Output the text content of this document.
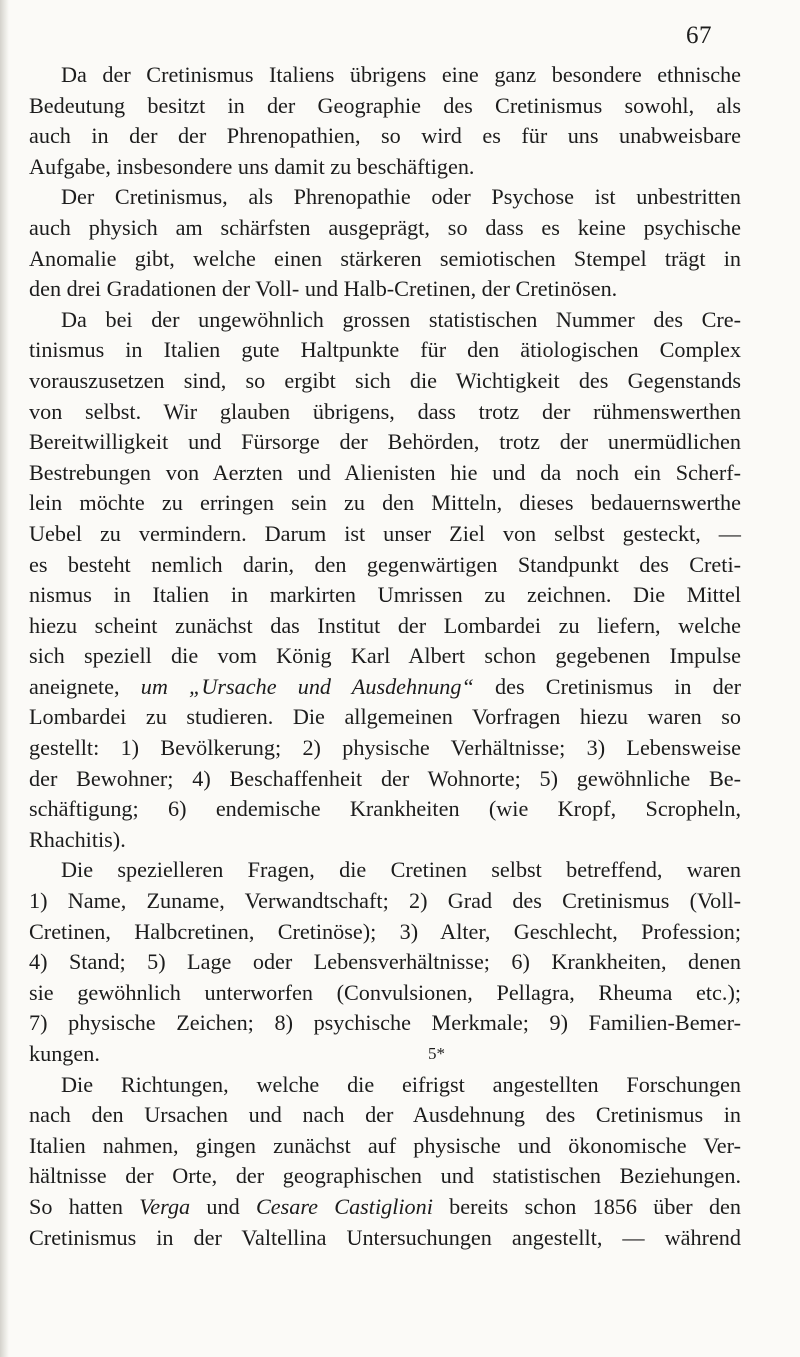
67
Da der Cretinismus Italiens übrigens eine ganz besondere ethnische
Bedeutung besitzt in der Geographie des Cretinismus sowohl, als
auch in der der Phrenopathien, so wird es für uns unabweisbare
Aufgabe, insbesondere uns damit zu beschäftigen.
Der Cretinismus, als Phrenopathie oder Psychose ist unbestritten
auch physich am schärfsten ausgeprägt, so dass es keine psychische
Anomalie gibt, welche einen stärkeren semiotischen Stempel trägt in
den drei Gradationen der Voll- und Halb-Cretinen, der Cretinösen.
Da bei der ungewöhnlich grossen statistischen Nummer des Cre-
tinismus in Italien gute Haltpunkte für den ätiologischen Complex
vorauszusetzen sind, so ergibt sich die Wichtigkeit des Gegenstands
von selbst. Wir glauben übrigens, dass trotz der rühmenswerthen
Bereitwilligkeit und Fürsorge der Behörden, trotz der unermüdlichen
Bestrebungen von Aerzten und Alienisten hie und da noch ein Scherf-
lein möchte zu erringen sein zu den Mitteln, dieses bedauernswerthe
Uebel zu vermindern. Darum ist unser Ziel von selbst gesteckt, —
es besteht nemlich darin, den gegenwärtigen Standpunkt des Creti-
nismus in Italien in markirten Umrissen zu zeichnen. Die Mittel
hiezu scheint zunächst das Institut der Lombardei zu liefern, welche
sich speziell die vom König Karl Albert schon gegebenen Impulse
aneignete, um „Ursache und Ausdehnung“ des Cretinismus in der
Lombardei zu studieren. Die allgemeinen Vorfragen hiezu waren so
gestellt: 1) Bevölkerung; 2) physische Verhältnisse; 3) Lebensweise
der Bewohner; 4) Beschaffenheit der Wohnorte; 5) gewöhnliche Be-
schäftigung; 6) endemische Krankheiten (wie Kropf, Scropheln,
Rhachitis).
Die spezielleren Fragen, die Cretinen selbst betreffend, waren
1) Name, Zuname, Verwandtschaft; 2) Grad des Cretinismus (Voll-
Cretinen, Halbcretinen, Cretinöse); 3) Alter, Geschlecht, Profession;
4) Stand; 5) Lage oder Lebensverhältnisse; 6) Krankheiten, denen
sie gewöhnlich unterworfen (Convulsionen, Pellagra, Rheuma etc.);
7) physische Zeichen; 8) psychische Merkmale; 9) Familien-Bemer-
kungen.
Die Richtungen, welche die eifrigst angestellten Forschungen
nach den Ursachen und nach der Ausdehnung des Cretinismus in
Italien nahmen, gingen zunächst auf physische und ökonomische Ver-
hältnisse der Orte, der geographischen und statistischen Beziehungen.
So hatten Verga und Cesare Castiglioni bereits schon 1856 über den
Cretinismus in der Valtellina Untersuchungen angestellt, — während
5*
